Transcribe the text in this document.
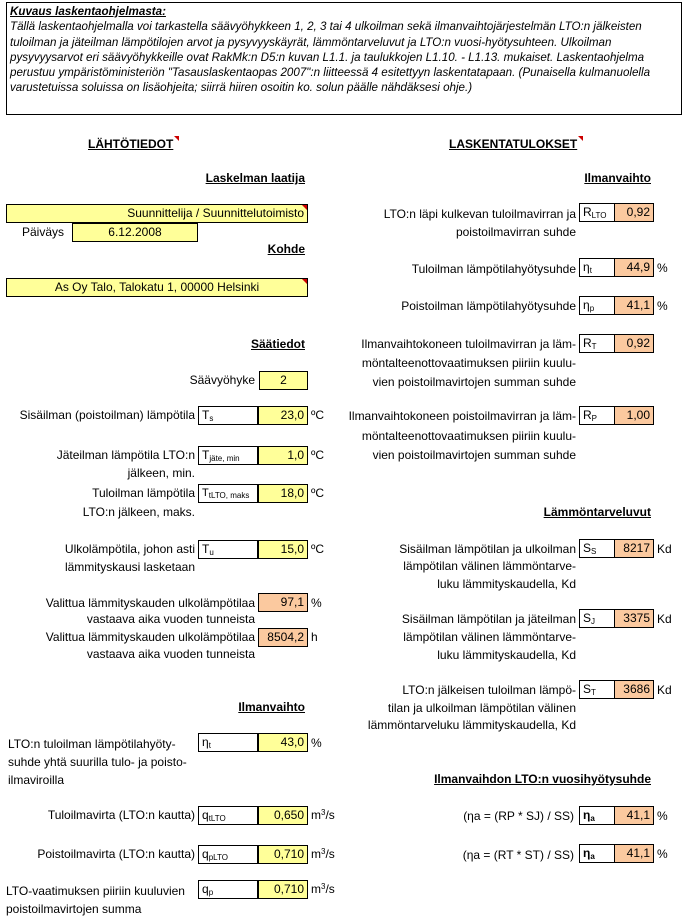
Kuvaus laskentaohjelmasta:
Tällä laskentaohjelmalla voi tarkastella säävyöhykkeen 1, 2, 3 tai 4 ulkoilman sekä ilmanvaihtojärjestelmän LTO:n jälkeisten tuloilman ja jäteilman lämpötilojen arvot ja pysyvyyskäyrät, lämmöntarveluvut ja LTO:n vuosi-hyötysuhteen. Ulkoilman pysyvyysarvot eri säävyöhykkeille ovat RakMk:n D5:n kuvan L1.1. ja taulukkojen L1.10. - L1.13. mukaiset. Laskentaohjelma perustuu ympäristöministeriön "Tasauslaskentaopas 2007":n liitteessä 4 esitettyyn laskentatapaan. (Punaisella kulmanuolella varustetuissa soluissa on lisäohjeita; siirrä hiiren osoitin ko. solun päälle nähdäksesi ohje.)
LÄHTÖTIEDOT	LASKENTATULOKSET
Laskelman laatija
Suunnittelija / Suunnittelutoimisto
Päiväys	6.12.2008
Kohde
As Oy Talo, Talokatu 1, 00000 Helsinki
Säätiedot
Säävyöhyke	2
Sisäilman (poistoilman) lämpötila $T_s$	23,0 ºC
Jäteilman lämpötila LTO:n
jälkeen, min.
$T_{jäte, min}$	1,0 ºC
Tuloilman lämpötila
LTO:n jälkeen, maks.
$T_{tLTO, maks}$	18,0 ºC
Ulkolämpötila, johon asti
lämmityskausi lasketaan
$T_u$	15,0 ºC
Valittua lämmityskauden ulkolämpötilaa
vastaava aika vuoden tunneista
97,1 %
Valittua lämmityskauden ulkolämpötilaa
vastaava aika vuoden tunneista
8504,2 h
Ilmanvaihto
LTO:n tuloilman lämpötilahyöty-
suhde yhtä suurilla tulo- ja poisto-
ilmaviroilla
$\eta_t$	43,0 %
Tuloilmavirta (LTO:n kautta) $q_{tLTO}$	0,650 $m^3/s$
Poistoilmavirta (LTO:n kautta) $q_{pLTO}$	0,710 $m^3/s$
LTO-vaatimuksen piiriin kuuluvien
poistoilmavirtojen summa
$q_p$	0,710 $m^3/s$
Ilmanvaihto
LTO:n läpi kulkevan tuloilmavirran ja
poistoilmavirran suhde
$R_{LTO}$	0,92
Tuloilman lämpötilahyötysuhde $\eta_t$	44,9 %
Poistoilman lämpötilahyötysuhde $\eta_p$	41,1 %
Ilmanvaihtokoneen tuloilmavirran ja läm-
möntalteenottovaatimuksen piiriin kuulu-
vien poistoilmavirtojen summan suhde
$R_T$	0,92
Ilmanvaihtokoneen poistoilmavirran ja läm-
möntalteenottovaatimuksen piiriin kuulu-
vien poistoilmavirtojen summan suhde
$R_P$	1,00
Lämmöntarveluvut
Sisäilman lämpötilan ja ulkoilman
lämpötilan välinen lämmöntarve-
luku lämmityskaudella, Kd
$S_S$	8217 Kd
Sisäilman lämpötilan ja jäteilman
lämpötilan välinen lämmöntarve-
luku lämmityskaudella, Kd
$S_J$	3375 Kd
LTO:n jälkeisen tuloilman lämpö-
tilan ja ulkoilman lämpötilan välinen
lämmöntarveluku lämmityskaudella, Kd
$S_T$	3686 Kd
Ilmanvaihdon LTO:n vuosihyötysuhde
(ηa = (RP * SJ) / SS) $\eta_a$	41,1 %
(ηa = (RT * ST) / SS) $\eta_a$	41,1 %
